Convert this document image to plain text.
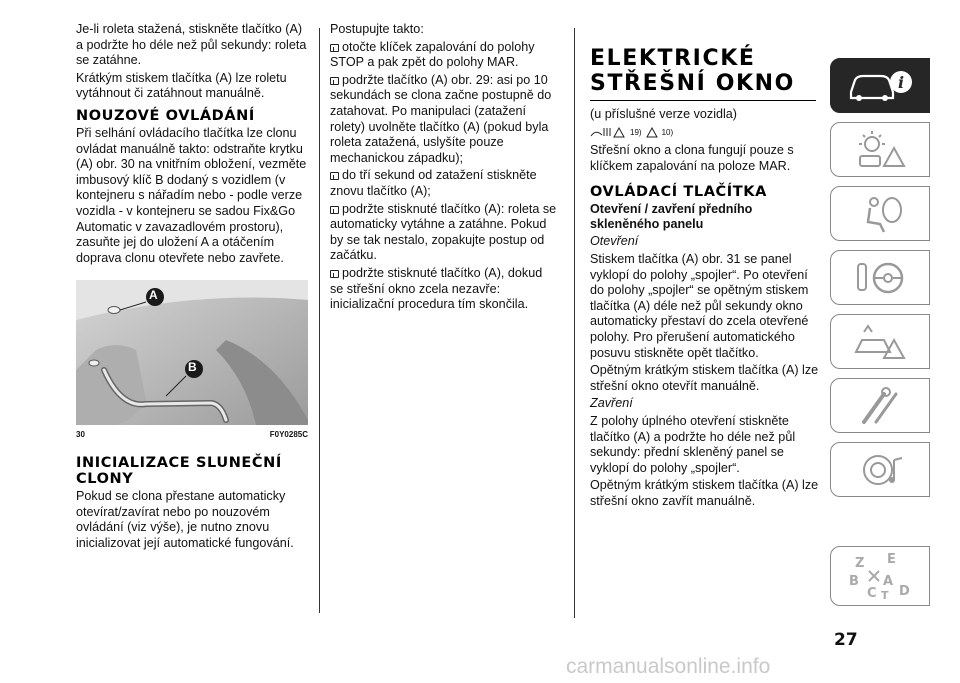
Je-li roleta stažená, stiskněte tlačítko (A) a podržte ho déle než půl sekundy: roleta se zatáhne.

Krátkým stiskem tlačítka (A) lze roletu vytáhnout či zatáhnout manuálně.

NOUZOVÉ OVLÁDÁNÍ

Při selhání ovládacího tlačítka lze clonu ovládat manuálně takto: odstraňte krytku (A) obr. 30 na vnitřním obložení, vezměte imbusový klíč B dodaný s vozidlem (v kontejneru s nářadím nebo - podle verze vozidla - v kontejneru se sadou Fix&Go Automatic v zavazadlovém prostoru), zasuňte jej do uložení A a otáčením doprava clonu otevřete nebo zavřete.

A
B
30	F0Y0285C
INICIALIZACE SLUNEČNÍ CLONY

Pokud se clona přestane automaticky otevírat/zavírat nebo po nouzovém ovládání (viz výše), je nutno znovu inicializovat její automatické fungování.

Postupujte takto:

otočte klíček zapalování do polohy STOP a pak zpět do polohy MAR.

podržte tlačítko (A) obr. 29: asi po 10 sekundách se clona začne postupně do zatahovat. Po manipulaci (zatažení rolety) uvolněte tlačítko (A) (pokud byla roleta zatažená, uslyšíte pouze mechanickou západku);

do tří sekund od zatažení stiskněte znovu tlačítko (A);

podržte stisknuté tlačítko (A): roleta se automaticky vytáhne a zatáhne. Pokud by se tak nestalo, zopakujte postup od začátku.

podržte stisknuté tlačítko (A), dokud se střešní okno zcela nezavře: inicializační procedura tím skončila.

ELEKTRICKÉ
STŘEŠNÍ OKNO

(u příslušné verze vozidla)

19)	10)

Střešní okno a clona fungují pouze s klíčkem zapalování na poloze MAR.

OVLÁDACÍ TLAČÍTKA
Otevření / zavření předního skleněného panelu
Otevření

Stiskem tlačítka (A) obr. 31 se panel vyklopí do polohy „spojler“. Po otevření do polohy „spojler“ se opětným stiskem tlačítka (A) déle než půl sekundy okno automaticky přestaví do zcela otevřené polohy. Pro přerušení automatického posuvu stiskněte opět tlačítko.

Opětným krátkým stiskem tlačítka (A) lze střešní okno otevřít manuálně.

Zavření

Z polohy úplného otevření stiskněte tlačítko (A) a podržte ho déle než půl sekundy: přední skleněný panel se vyklopí do polohy „spojler“.

Opětným krátkým stiskem tlačítka (A) lze střešní okno zavřít manuálně.

i
Z E
B A
C T D
27
carmanualsonline.info
